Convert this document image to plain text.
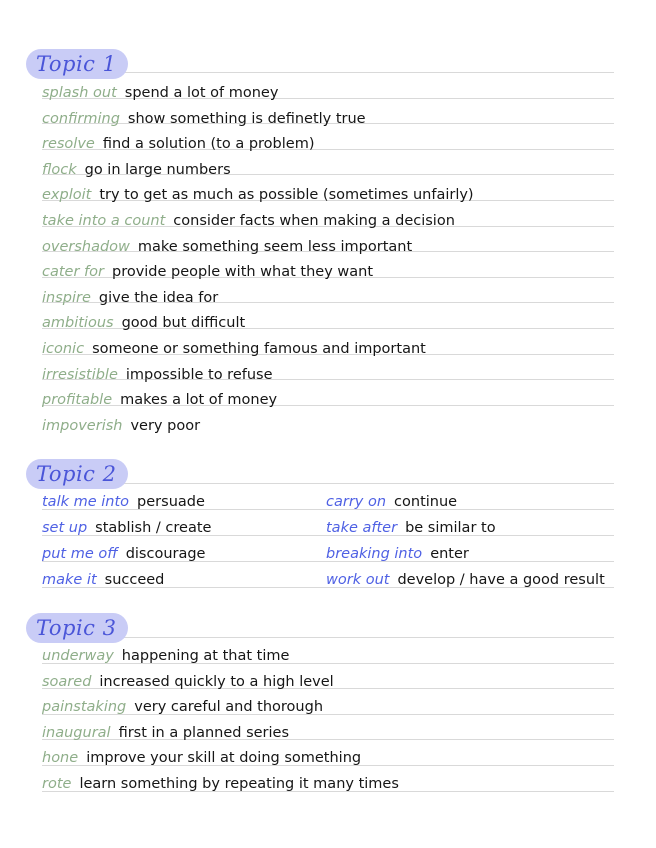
Topic 1
splash out spend a lot of money
confirming show something is definetly true
resolve find a solution (to a problem)
flock go in large numbers
exploit try to get as much as possible (sometimes unfairly)
take into a count consider facts when making a decision
overshadow make something seem less important
cater for provide people with what they want
inspire give the idea for
ambitious good but difficult
iconic someone or something famous and important
irresistible impossible to refuse
profitable makes a lot of money
impoverish very poor
Topic 2
talk me into persuade
set up stablish / create
put me off discourage
make it succeed
carry on continue
take after be similar to
breaking into enter
work out develop / have a good result
Topic 3
underway happening at that time
soared increased quickly to a high level
painstaking very careful and thorough
inaugural first in a planned series
hone improve your skill at doing something
rote learn something by repeating it many times
